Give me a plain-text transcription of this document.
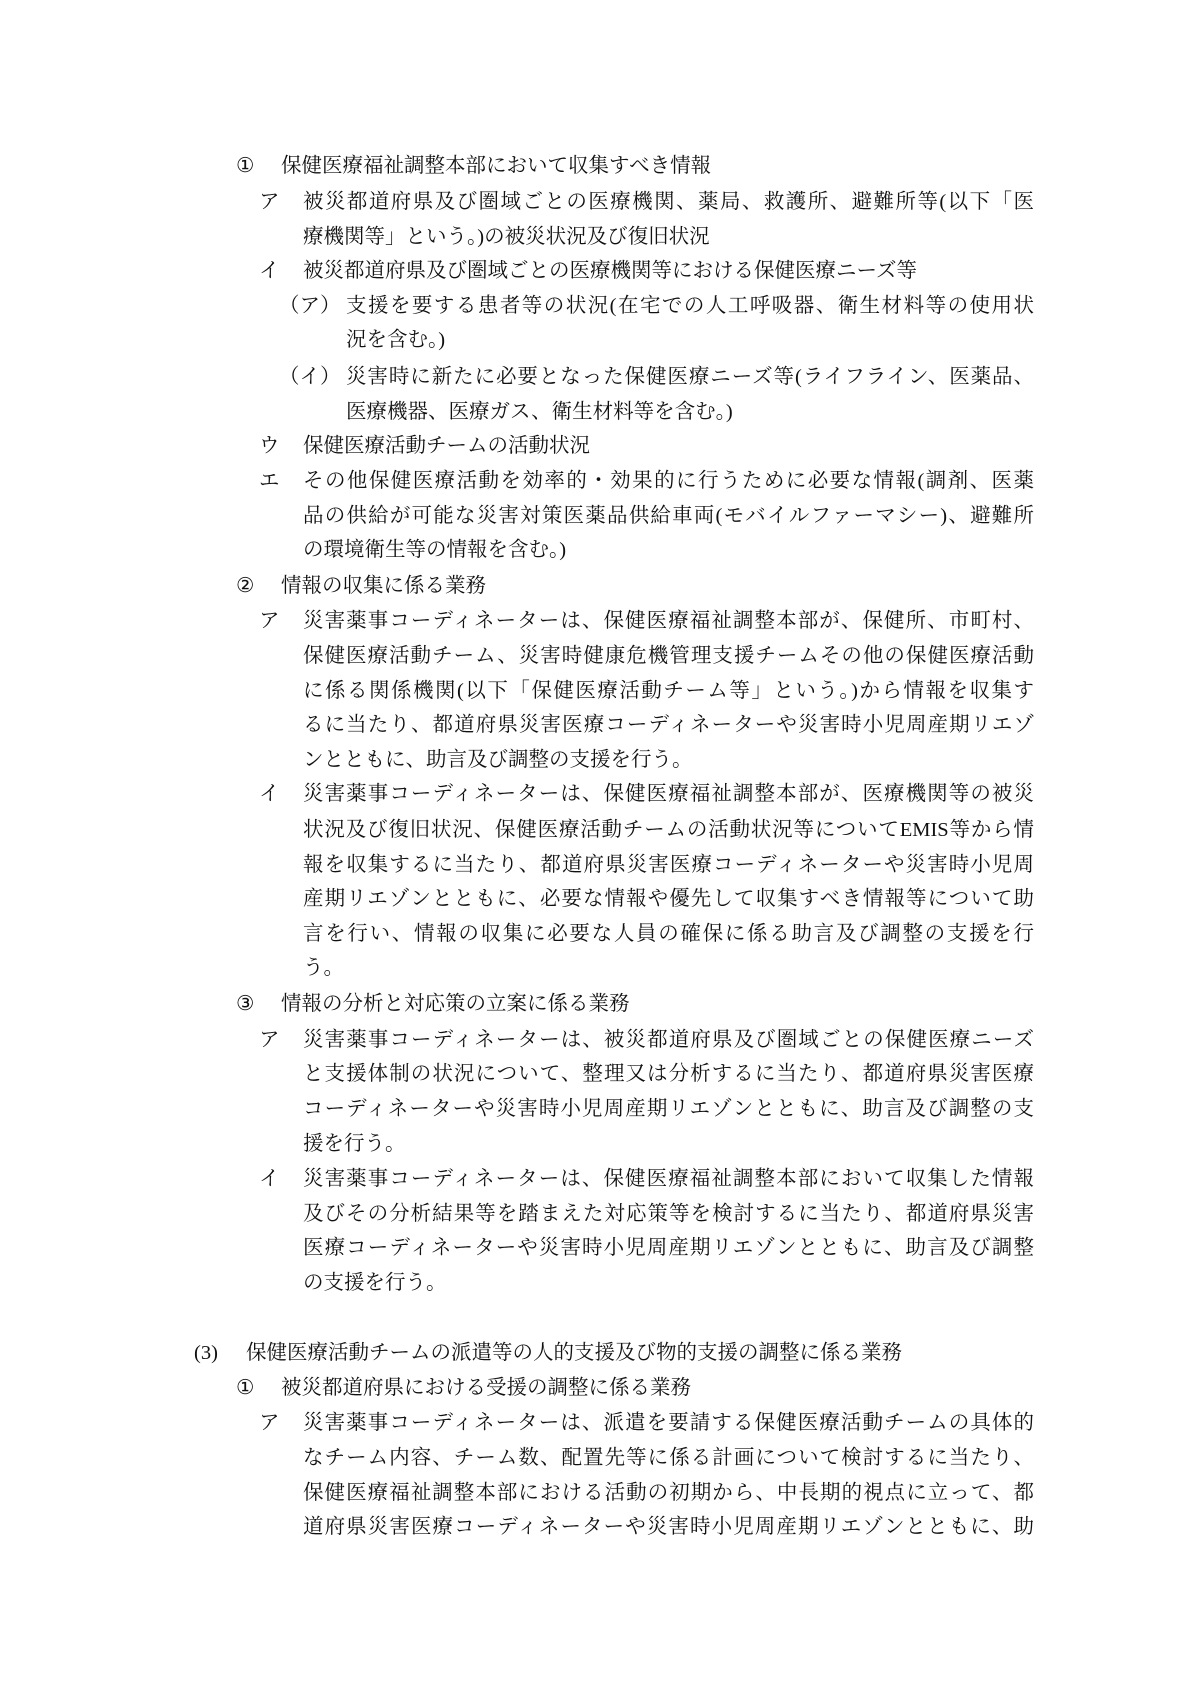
① 保健医療福祉調整本部において収集すべき情報
ア 被災都道府県及び圏域ごとの医療機関、薬局、救護所、避難所等(以下「医
療機関等」という。)の被災状況及び復旧状況
イ 被災都道府県及び圏域ごとの医療機関等における保健医療ニーズ等
（ア） 支援を要する患者等の状況(在宅での人工呼吸器、衛生材料等の使用状
況を含む。)
（イ） 災害時に新たに必要となった保健医療ニーズ等(ライフライン、医薬品、
医療機器、医療ガス、衛生材料等を含む。)
ウ 保健医療活動チームの活動状況
エ その他保健医療活動を効率的・効果的に行うために必要な情報(調剤、医薬
品の供給が可能な災害対策医薬品供給車両(モバイルファーマシー)、避難所
の環境衛生等の情報を含む。)
② 情報の収集に係る業務
ア 災害薬事コーディネーターは、保健医療福祉調整本部が、保健所、市町村、
保健医療活動チーム、災害時健康危機管理支援チームその他の保健医療活動
に係る関係機関(以下「保健医療活動チーム等」という。)から情報を収集す
るに当たり、都道府県災害医療コーディネーターや災害時小児周産期リエゾ
ンとともに、助言及び調整の支援を行う。
イ 災害薬事コーディネーターは、保健医療福祉調整本部が、医療機関等の被災
状況及び復旧状況、保健医療活動チームの活動状況等についてEMIS等から情
報を収集するに当たり、都道府県災害医療コーディネーターや災害時小児周
産期リエゾンとともに、必要な情報や優先して収集すべき情報等について助
言を行い、情報の収集に必要な人員の確保に係る助言及び調整の支援を行
う。
③ 情報の分析と対応策の立案に係る業務
ア 災害薬事コーディネーターは、被災都道府県及び圏域ごとの保健医療ニーズ
と支援体制の状況について、整理又は分析するに当たり、都道府県災害医療
コーディネーターや災害時小児周産期リエゾンとともに、助言及び調整の支
援を行う。
イ 災害薬事コーディネーターは、保健医療福祉調整本部において収集した情報
及びその分析結果等を踏まえた対応策等を検討するに当たり、都道府県災害
医療コーディネーターや災害時小児周産期リエゾンとともに、助言及び調整
の支援を行う。
(3) 保健医療活動チームの派遣等の人的支援及び物的支援の調整に係る業務
① 被災都道府県における受援の調整に係る業務
ア 災害薬事コーディネーターは、派遣を要請する保健医療活動チームの具体的
なチーム内容、チーム数、配置先等に係る計画について検討するに当たり、
保健医療福祉調整本部における活動の初期から、中長期的視点に立って、都
道府県災害医療コーディネーターや災害時小児周産期リエゾンとともに、助
